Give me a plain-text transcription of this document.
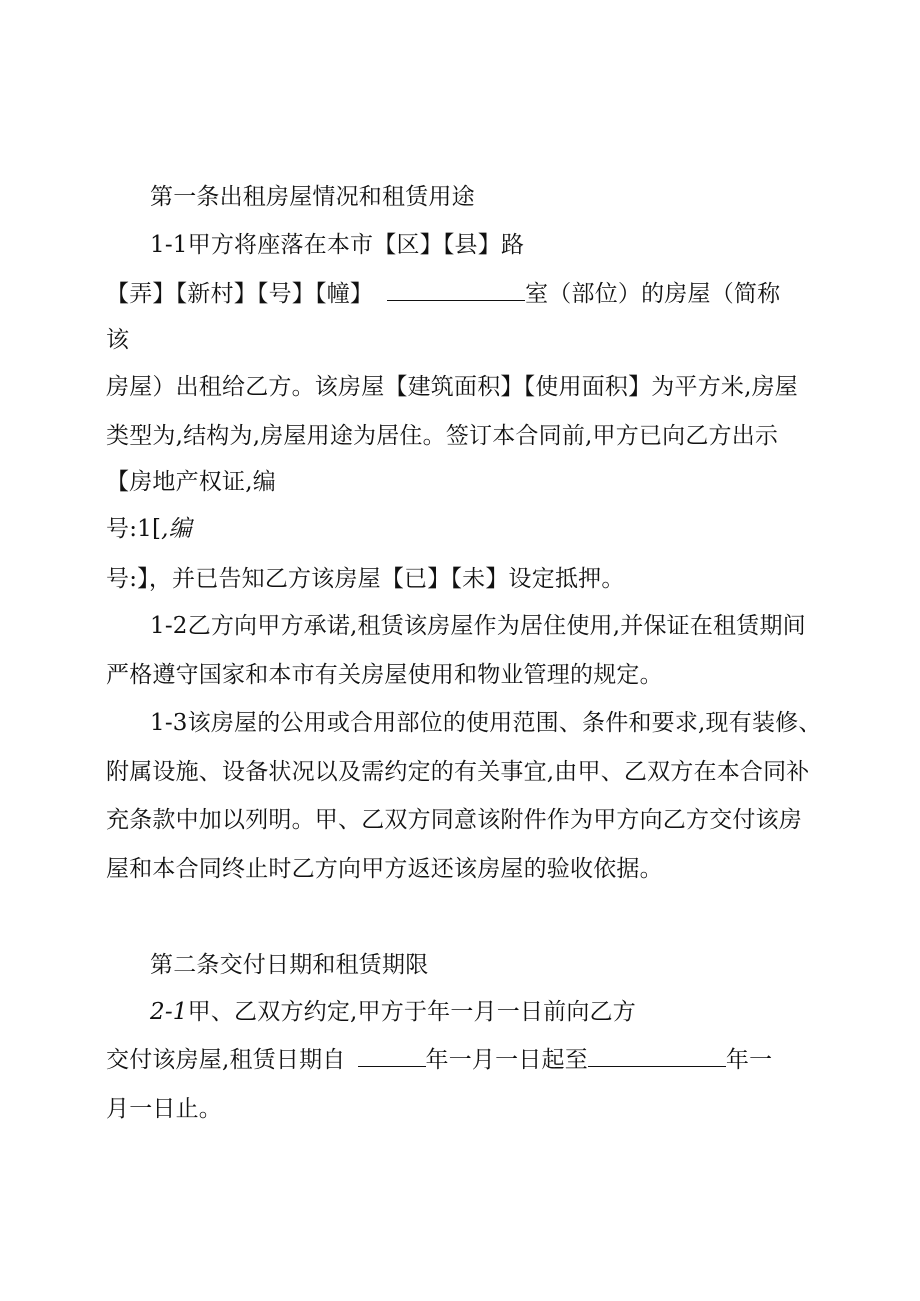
第一条出租房屋情况和租赁用途
1-1甲方将座落在本市【区】【县】路
【弄】【新村】【号】【幢】	室（部位）的房屋（简称
该
房屋）出租给乙方。该房屋【建筑面积】【使用面积】为平方米,房屋
类型为,结构为,房屋用途为居住。签订本合同前,甲方已向乙方出示
【房地产权证,编
号:1[,编
号:】，并已告知乙方该房屋【已】【未】设定抵押。
1-2乙方向甲方承诺,租赁该房屋作为居住使用,并保证在租赁期间
严格遵守国家和本市有关房屋使用和物业管理的规定。
1-3该房屋的公用或合用部位的使用范围、条件和要求,现有装修、
附属设施、设备状况以及需约定的有关事宜,由甲、乙双方在本合同补
充条款中加以列明。甲、乙双方同意该附件作为甲方向乙方交付该房
屋和本合同终止时乙方向甲方返还该房屋的验收依据。
第二条交付日期和租赁期限
2-1甲、乙双方约定,甲方于年一月一日前向乙方
交付该房屋,租赁日期自	年一月一日起至	年一
月一日止。
